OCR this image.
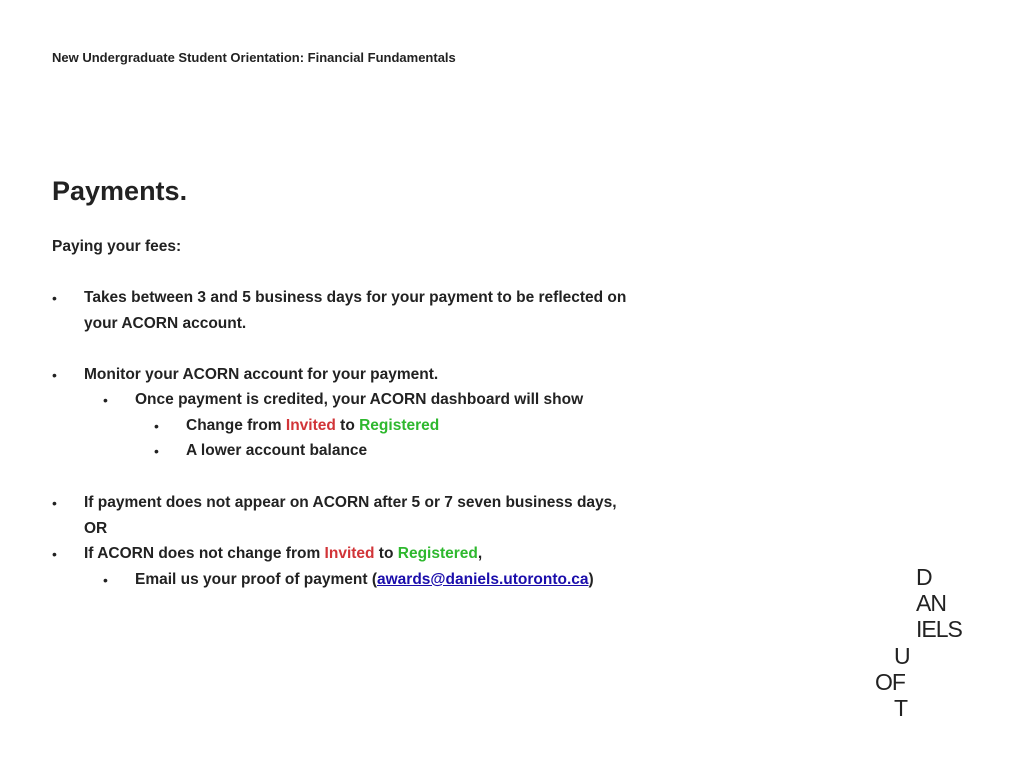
New Undergraduate Student Orientation: Financial Fundamentals
Payments.
Paying your fees:
• Takes between 3 and 5 business days for your payment to be reflected on
your ACORN account.
• Monitor your ACORN account for your payment.
• Once payment is credited, your ACORN dashboard will show
• Change from Invited to Registered
• A lower account balance
• If payment does not appear on ACORN after 5 or 7 seven business days,
OR
• If ACORN does not change from Invited to Registered,
• Email us your proof of payment (awards@daniels.utoronto.ca)	D
AN
IELS
U
OF
T
